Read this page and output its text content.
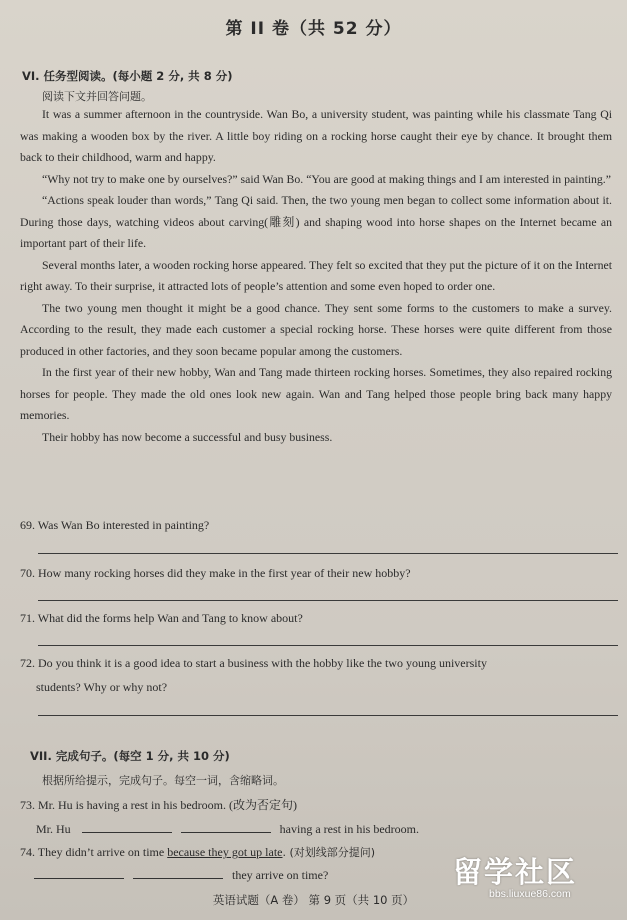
第 II 卷（共 52 分）
VI. 任务型阅读。(每小题 2 分, 共 8 分)
阅读下文并回答问题。

It was a summer afternoon in the countryside. Wan Bo, a university student, was painting while his classmate Tang Qi was making a wooden box by the river. A little boy riding on a rocking horse caught their eye by chance. It brought them back to their childhood, warm and happy.

“Why not try to make one by ourselves?” said Wan Bo. “You are good at making things and I am interested in painting.”

“Actions speak louder than words,” Tang Qi said. Then, the two young men began to collect some information about it. During those days, watching videos about carving(雕刻) and shaping wood into horse shapes on the Internet became an important part of their life.

Several months later, a wooden rocking horse appeared. They felt so excited that they put the picture of it on the Internet right away. To their surprise, it attracted lots of people’s attention and some even hoped to order one.

The two young men thought it might be a good chance. They sent some forms to the customers to make a survey. According to the result, they made each customer a special rocking horse. These horses were quite different from those produced in other factories, and they soon became popular among the customers.

In the first year of their new hobby, Wan and Tang made thirteen rocking horses. Sometimes, they also repaired rocking horses for people. They made the old ones look new again. Wan and Tang helped those people bring back many happy memories.

Their hobby has now become a successful and busy business.

69. Was Wan Bo interested in painting?
70. How many rocking horses did they make in the first year of their new hobby?
71. What did the forms help Wan and Tang to know about?
72. Do you think it is a good idea to start a business with the hobby like the two young university
students? Why or why not?
VII. 完成句子。(每空 1 分, 共 10 分)
根据所给提示，完成句子。每空一词，含缩略词。
73. Mr. Hu is having a rest in his bedroom. (改为否定句)
Mr. Hu	having a rest in his bedroom.
74. They didn’t arrive on time because they got up late. (对划线部分提问)
they arrive on time?
英语试题（A 卷） 第 9 页（共 10 页）
留学社区
bbs.liuxue86.com
